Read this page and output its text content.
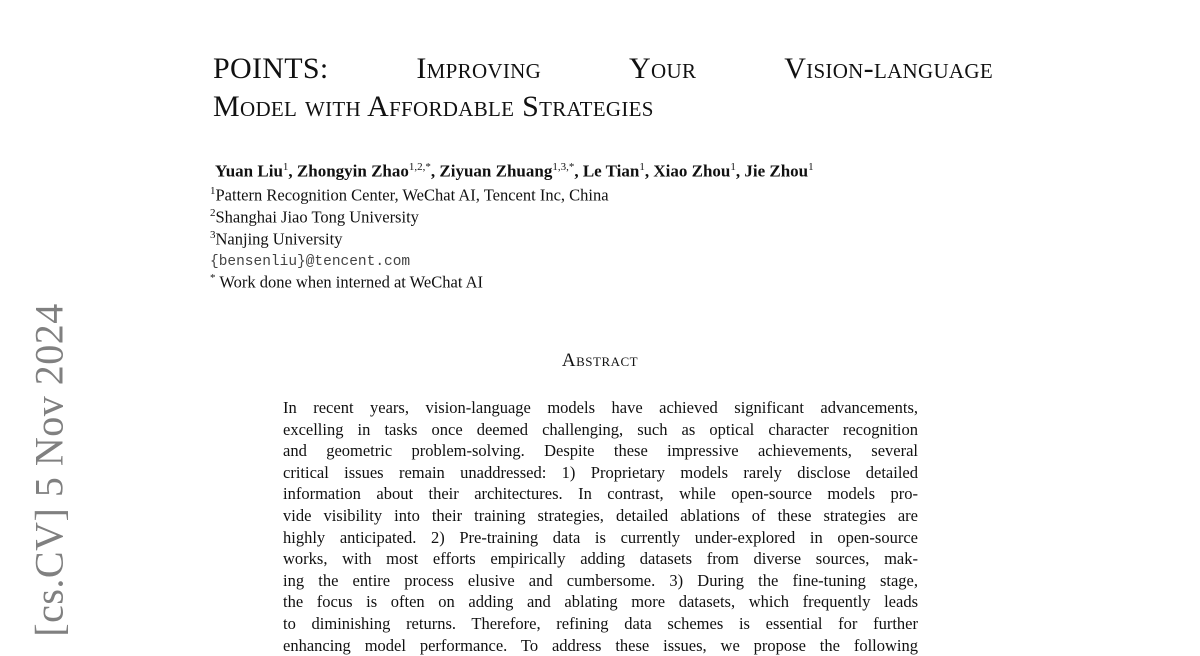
[cs.CV] 5 Nov 2024
POINTS:	Improving	Your	Vision-language
Model with Affordable Strategies
Yuan Liu$^1$, Zhongyin Zhao$^{1,2,*}$, Ziyuan Zhuang$^{1,3,*}$, Le Tian$^1$, Xiao Zhou$^1$, Jie Zhou$^1$
$^1$Pattern Recognition Center, WeChat AI, Tencent Inc, China
$^2$Shanghai Jiao Tong University
$^3$Nanjing University
{bensenliu}@tencent.com
* Work done when interned at WeChat AI
Abstract
In recent years, vision-language models have achieved significant advancements,
excelling in tasks once deemed challenging, such as optical character recognition
and geometric problem-solving. Despite these impressive achievements, several
critical issues remain unaddressed: 1) Proprietary models rarely disclose detailed
information about their architectures. In contrast, while open-source models pro-
vide visibility into their training strategies, detailed ablations of these strategies are
highly anticipated. 2) Pre-training data is currently under-explored in open-source
works, with most efforts empirically adding datasets from diverse sources, mak-
ing the entire process elusive and cumbersome. 3) During the fine-tuning stage,
the focus is often on adding and ablating more datasets, which frequently leads
to diminishing returns. Therefore, refining data schemes is essential for further
enhancing model performance. To address these issues, we propose the following
